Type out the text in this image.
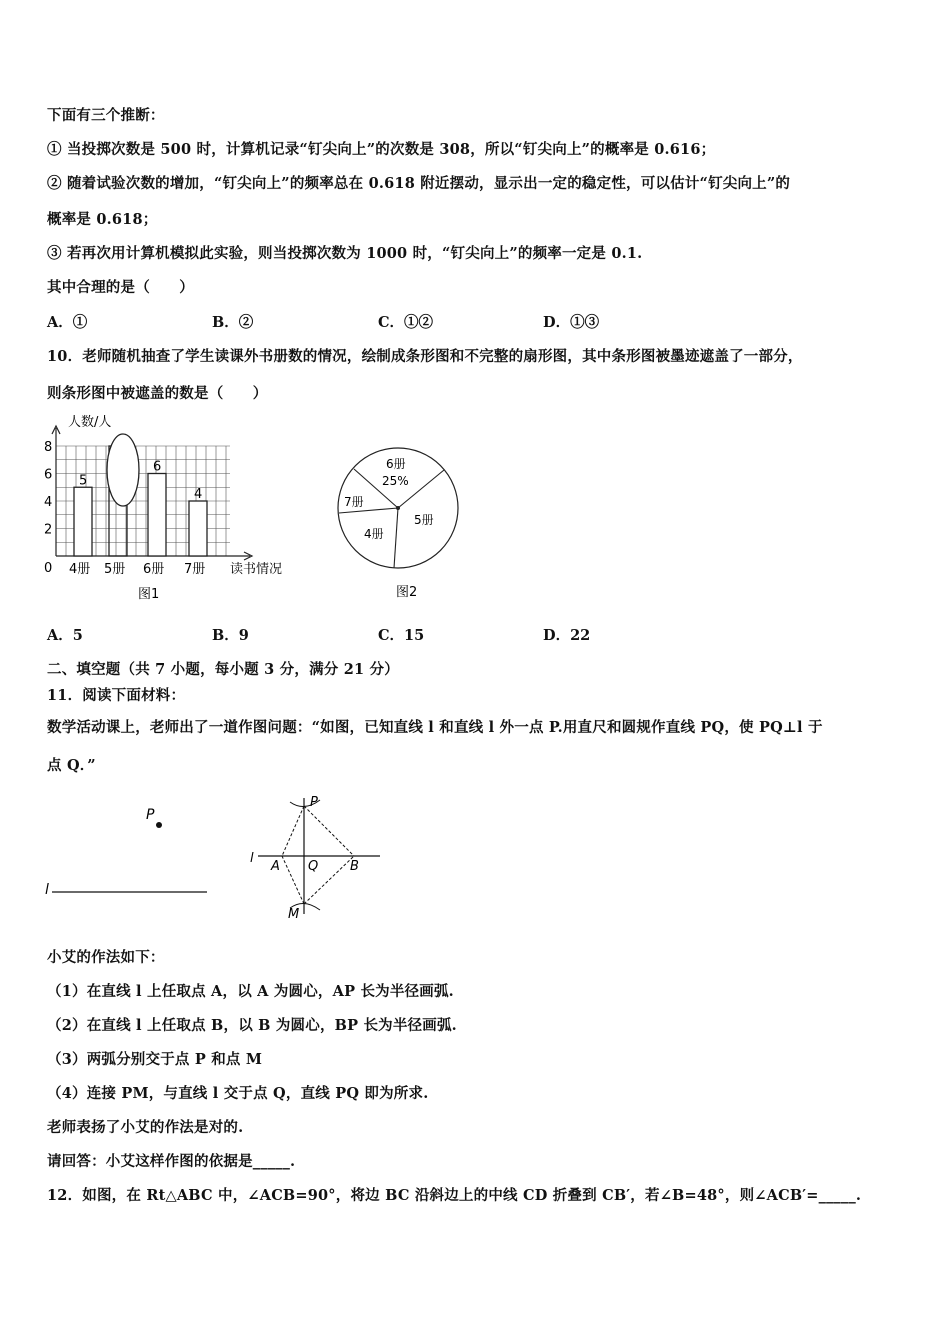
下面有三个推断：
① 当投掷次数是 500 时，计算机记录“钉尖向上”的次数是 308，所以“钉尖向上”的概率是 0.616；
② 随着试验次数的增加，“钉尖向上”的频率总在 0.618 附近摆动，显示出一定的稳定性，可以估计“钉尖向上”的
概率是 0.618；
③ 若再次用计算机模拟此实验，则当投掷次数为 1000 时，“钉尖向上”的频率一定是 0.1.
其中合理的是（　　）
A．①	B．②	C．①②	D．①③
10．老师随机抽查了学生读课外书册数的情况，绘制成条形图和不完整的扇形图，其中条形图被墨迹遮盖了一部分，
则条形图中被遮盖的数是（　　）
5
6
4
人数/人
读书情况
图1
0
2
4
6
8
4册 5册 6册 7册
6册
25%
5册
4册
7册
图2
A．5	B．9	C．15	D．22
二、填空题（共 7 小题，每小题 3 分，满分 21 分）
11．阅读下面材料：
数学活动课上，老师出了一道作图问题：“如图，已知直线 l 和直线 l 外一点 P.用直尺和圆规作直线 PQ，使 PQ⊥l 于
点 Q．”
P
l
l
P
A Q B
M
小艾的作法如下：
（1）在直线 l 上任取点 A，以 A 为圆心，AP 长为半径画弧.
（2）在直线 l 上任取点 B，以 B 为圆心，BP 长为半径画弧.
（3）两弧分别交于点 P 和点 M
（4）连接 PM，与直线 l 交于点 Q，直线 PQ 即为所求.
老师表扬了小艾的作法是对的.
请回答：小艾这样作图的依据是_____.
12．如图，在 Rt△ABC 中，∠ACB=90°，将边 BC 沿斜边上的中线 CD 折叠到 CB′，若∠B=48°，则∠ACB′=_____.
